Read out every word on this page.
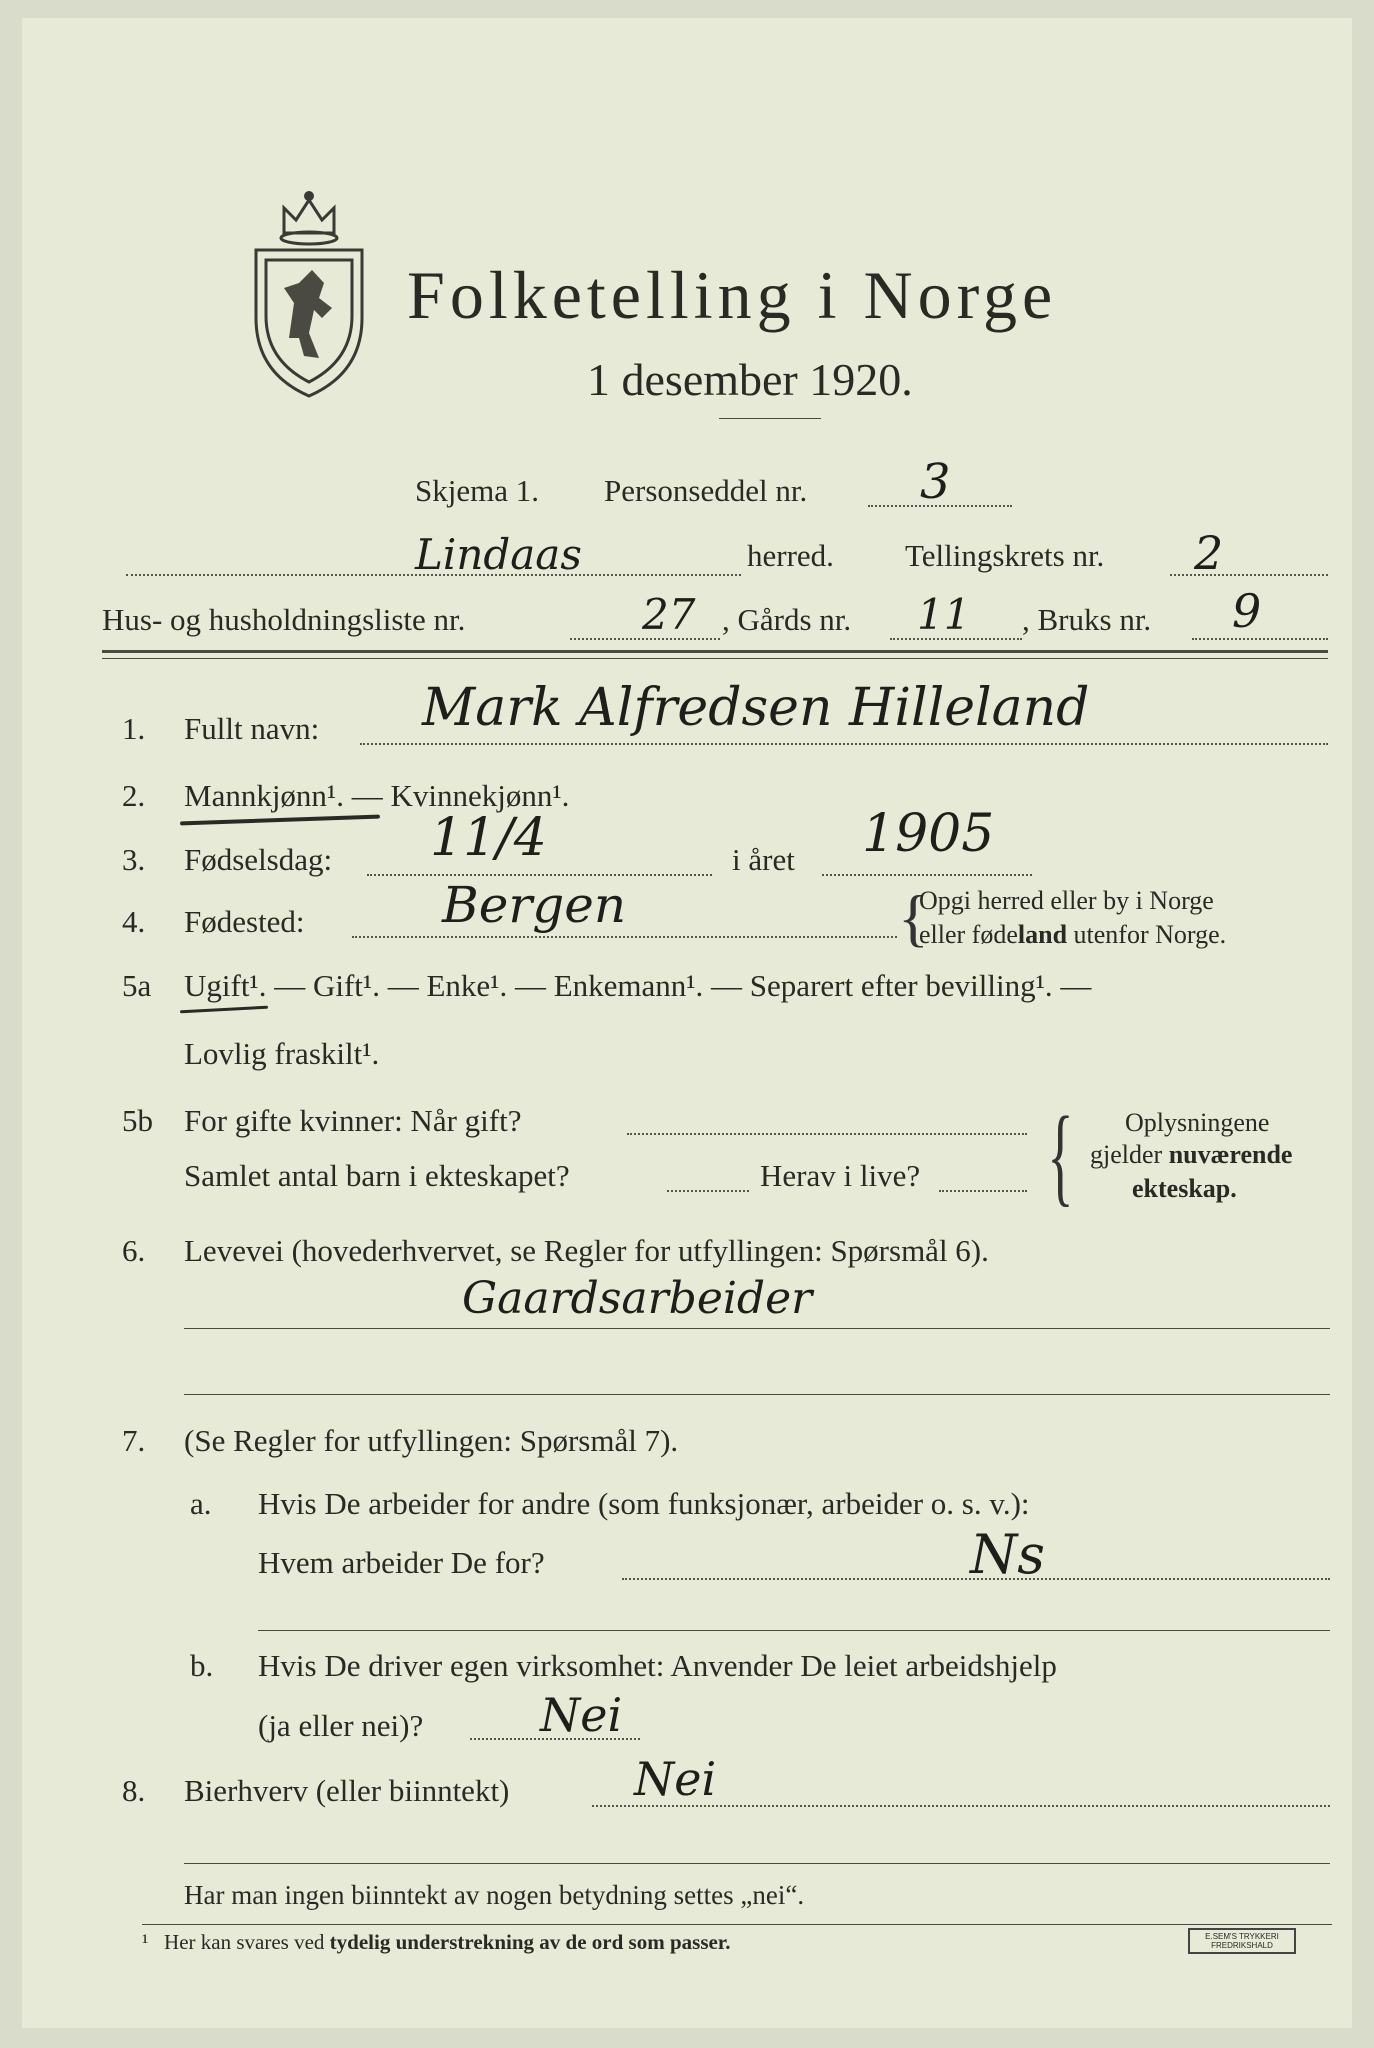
Folketelling i Norge
1 desember 1920.
Skjema 1. Personseddel nr. 3
Lindaas	herred. Tellingskrets nr. 2
Hus- og husholdningsliste nr.	27 , Gårds nr. 11 , Bruks nr. 9
1. Fullt navn: Mark Alfredsen Hilleland
2. Mannkjønn¹. — Kvinnekjønn¹.
3. Fødselsdag: 11/4	i året 1905
4. Fødested:	Bergen	{
Opgi herred eller by i Norge
eller fødeland utenfor Norge.
5a Ugift¹. — Gift¹. — Enke¹. — Enkemann¹. — Separert efter bevilling¹. —
Lovlig fraskilt¹.
5b For gifte kvinner: Når gift?
Samlet antal barn i ekteskapet?	Herav i live? { Oplysningene
gjelder nuværende
ekteskap.
6. Levevei (hovederhvervet, se Regler for utfyllingen: Spørsmål 6).
Gaardsarbeider
7. (Se Regler for utfyllingen: Spørsmål 7).
a. Hvis De arbeider for andre (som funksjonær, arbeider o. s. v.):
Hvem arbeider De for?	Ns
b. Hvis De driver egen virksomhet: Anvender De leiet arbeidshjelp
(ja eller nei)?	Nei
8. Bierhverv (eller biinntekt)	Nei
Har man ingen biinntekt av nogen betydning settes „nei“.
¹ Her kan svares ved tydelig understrekning av de ord som passer.	E.SEM'S TRYKKERI
FREDRIKSHALD
